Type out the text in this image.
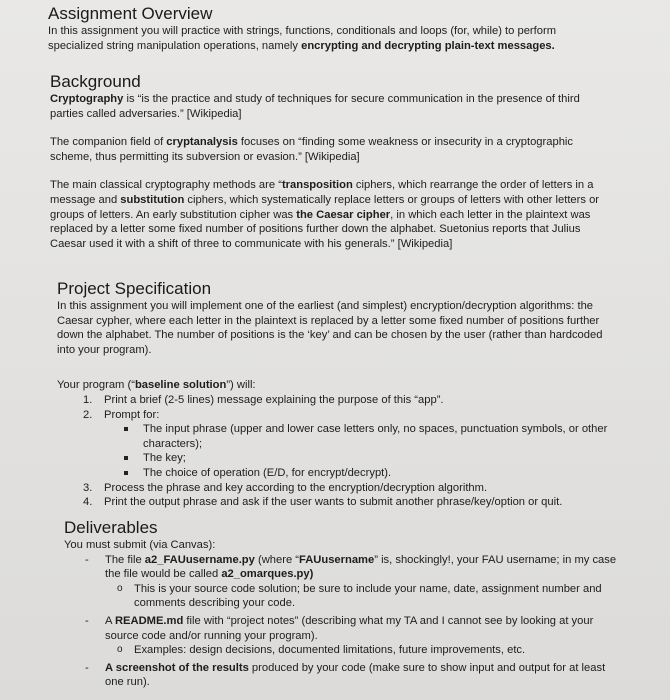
Assignment Overview

In this assignment you will practice with strings, functions, conditionals and loops (for, while) to perform specialized string manipulation operations, namely encrypting and decrypting plain-text messages.

Background

Cryptography is “is the practice and study of techniques for secure communication in the presence of third parties called adversaries.” [Wikipedia]

The companion field of cryptanalysis focuses on “finding some weakness or insecurity in a cryptographic scheme, thus permitting its subversion or evasion.” [Wikipedia]

The main classical cryptography methods are “transposition ciphers, which rearrange the order of letters in a message and substitution ciphers, which systematically replace letters or groups of letters with other letters or groups of letters. An early substitution cipher was the Caesar cipher, in which each letter in the plaintext was replaced by a letter some fixed number of positions further down the alphabet. Suetonius reports that Julius Caesar used it with a shift of three to communicate with his generals.” [Wikipedia]

Project Specification

In this assignment you will implement one of the earliest (and simplest) encryption/decryption algorithms: the Caesar cypher, where each letter in the plaintext is replaced by a letter some fixed number of positions further down the alphabet. The number of positions is the ‘key’ and can be chosen by the user (rather than hardcoded into your program).

Your program (“baseline solution”) will:

1. Print a brief (2-5 lines) message explaining the purpose of this “app”.
2. Prompt for:
The input phrase (upper and lower case letters only, no spaces, punctuation symbols, or other characters);
The key;
The choice of operation (E/D, for encrypt/decrypt).
3. Process the phrase and key according to the encryption/decryption algorithm.
4. Print the output phrase and ask if the user wants to submit another phrase/key/option or quit.
Deliverables

You must submit (via Canvas):

- The file a2_FAUusername.py (where “FAUusername” is, shockingly!, your FAU username; in my case the file would be called a2_omarques.py)
o This is your source code solution; be sure to include your name, date, assignment number and comments describing your code.
- A README.md file with “project notes” (describing what my TA and I cannot see by looking at your source code and/or running your program).
o Examples: design decisions, documented limitations, future improvements, etc.
- A screenshot of the results produced by your code (make sure to show input and output for at least one run).
